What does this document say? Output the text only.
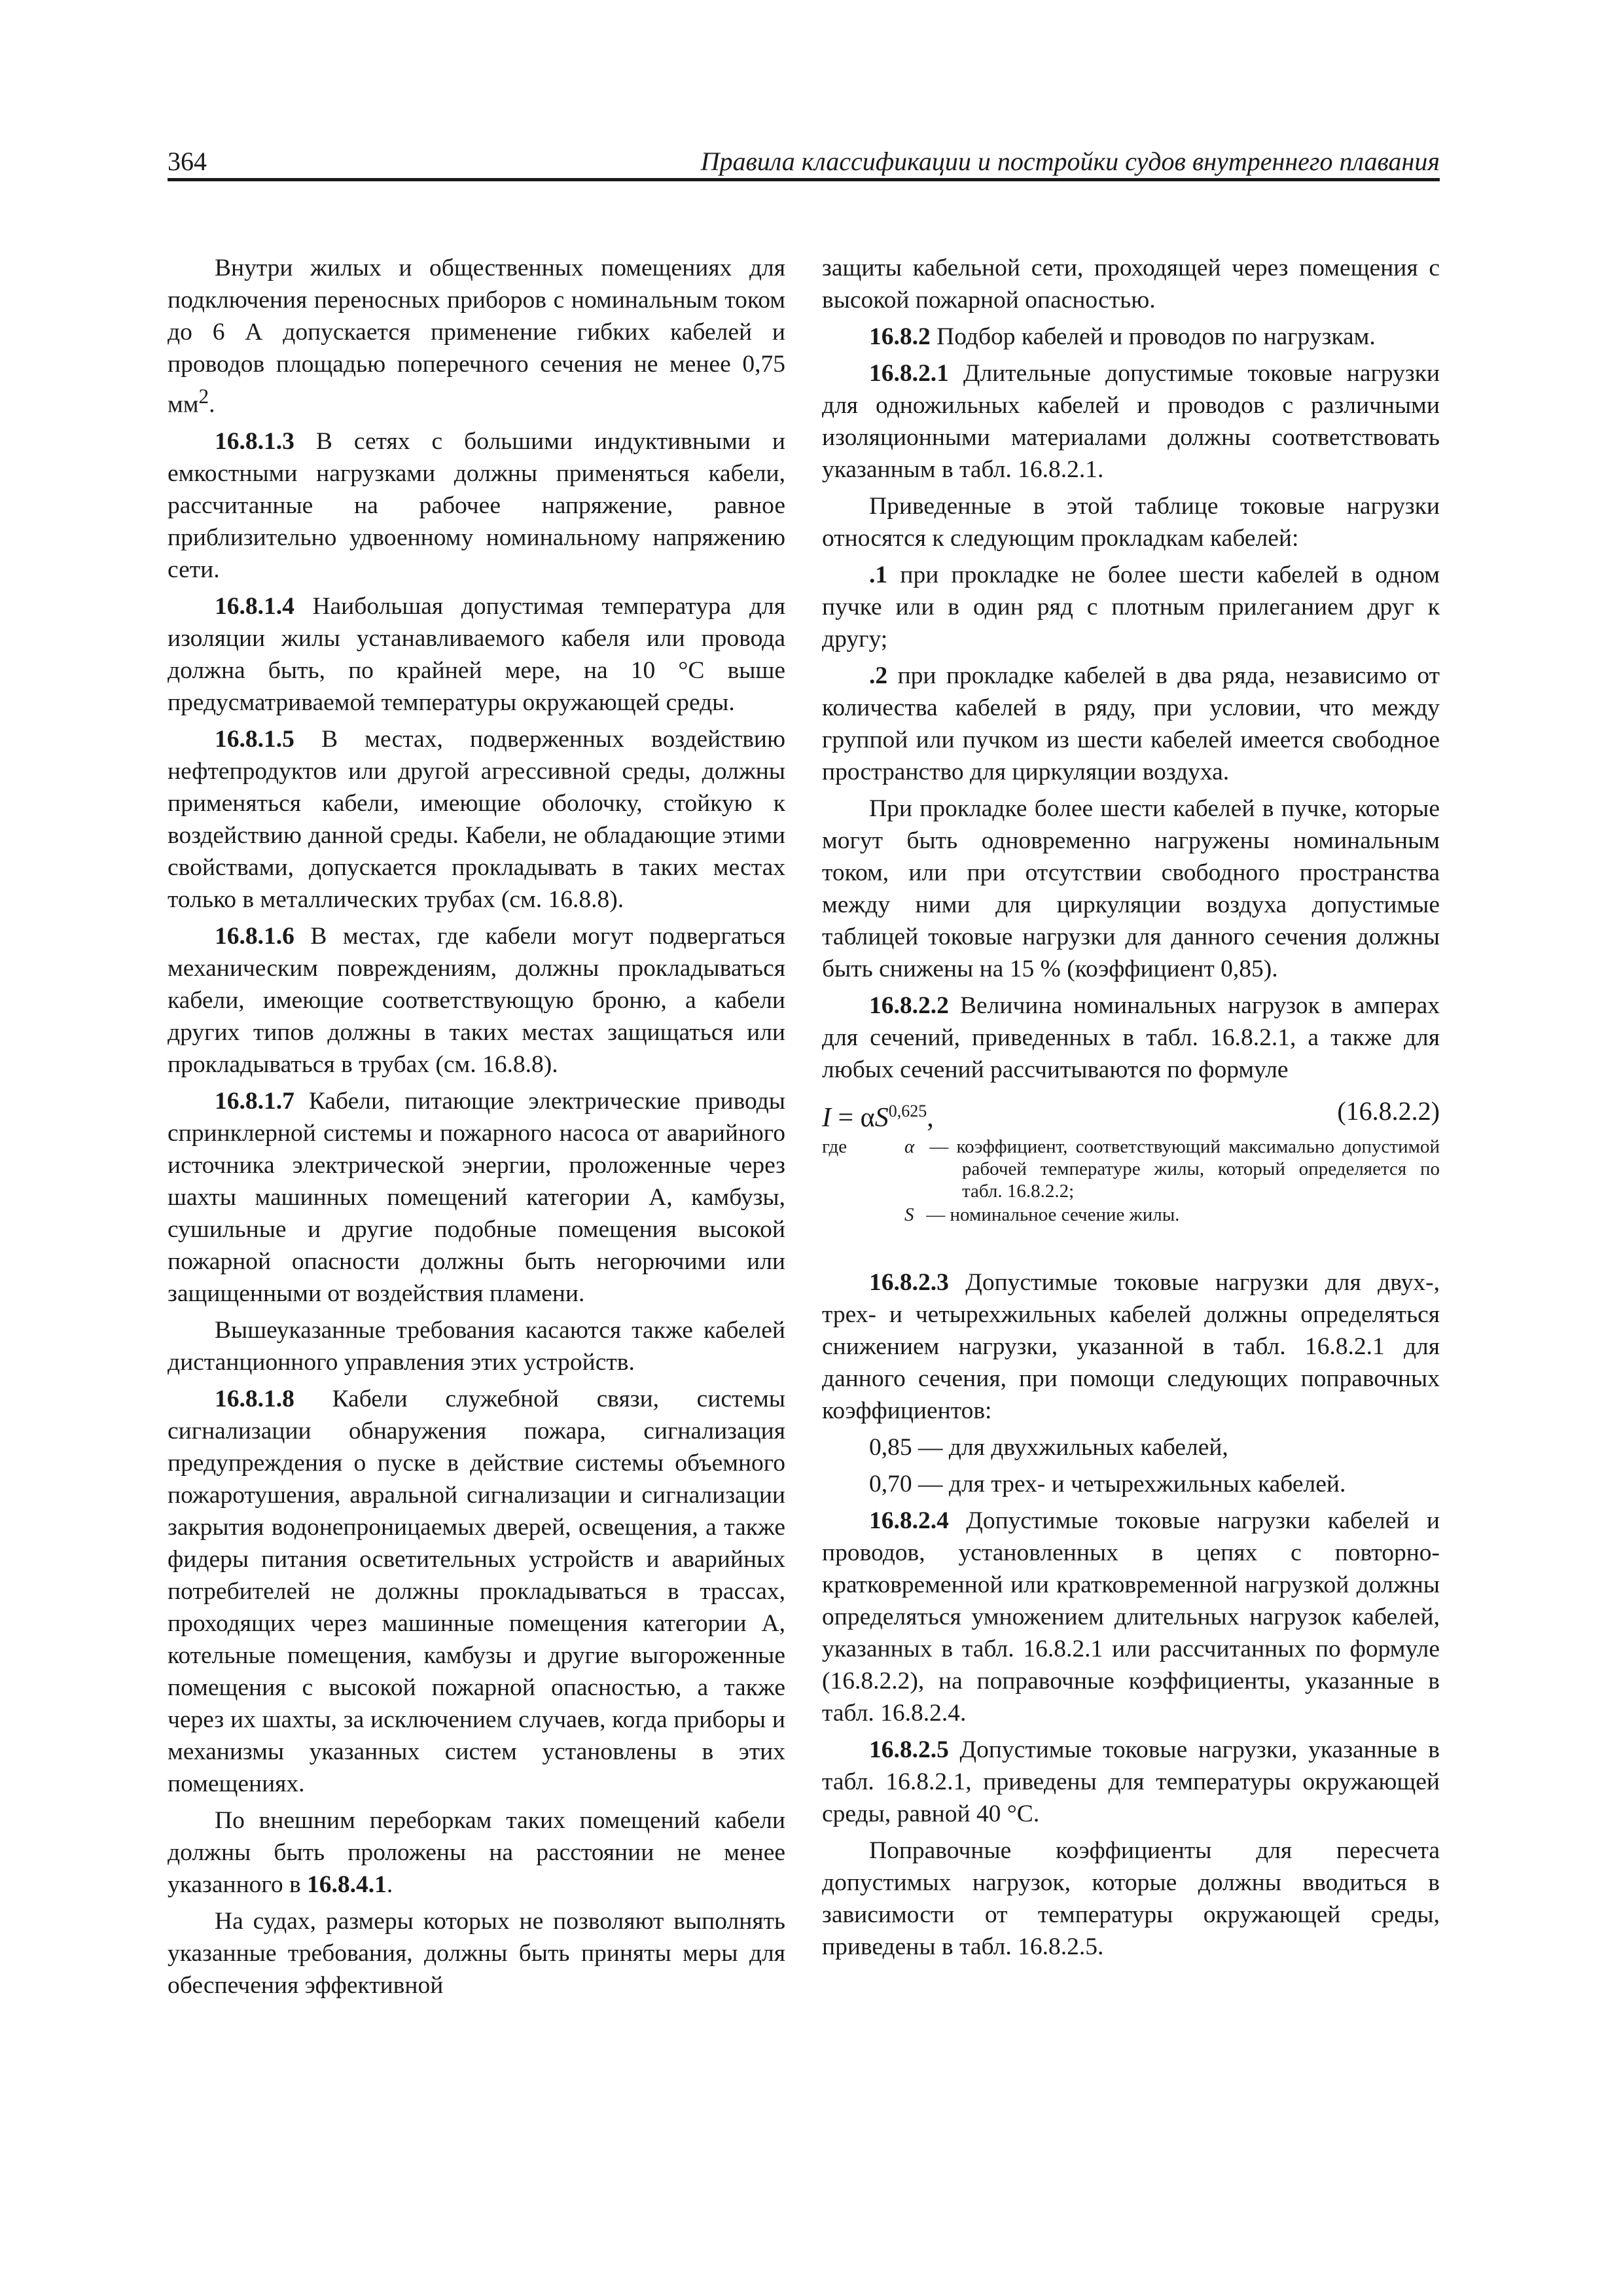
364	Правила классификации и постройки судов внутреннего плавания

Внутри жилых и общественных помещениях для подключения переносных приборов с номинальным током до 6 А допускается применение гибких кабелей и проводов площадью поперечного сечения не менее 0,75 $мм^2$.

16.8.1.3 В сетях с большими индуктивными и емкостными нагрузками должны применяться кабели, рассчитанные на рабочее напряжение, равное приблизительно удвоенному номинальному напряжению сети.

16.8.1.4 Наибольшая допустимая температура для изоляции жилы устанавливаемого кабеля или провода должна быть, по крайней мере, на 10 °С выше предусматриваемой температуры окружающей среды.

16.8.1.5 В местах, подверженных воздействию нефтепродуктов или другой агрессивной среды, должны применяться кабели, имеющие оболочку, стойкую к воздействию данной среды. Кабели, не обладающие этими свойствами, допускается прокладывать в таких местах только в металлических трубах (см. 16.8.8).

16.8.1.6 В местах, где кабели могут подвергаться механическим повреждениям, должны прокладываться кабели, имеющие соответствующую броню, а кабели других типов должны в таких местах защищаться или прокладываться в трубах (см. 16.8.8).

16.8.1.7 Кабели, питающие электрические приводы спринклерной системы и пожарного насоса от аварийного источника электрической энергии, проложенные через шахты машинных помещений категории А, камбузы, сушильные и другие подобные помещения высокой пожарной опасности должны быть негорючими или защищенными от воздействия пламени.

Вышеуказанные требования касаются также кабелей дистанционного управления этих устройств.

16.8.1.8 Кабели служебной связи, системы сигнализации обнаружения пожара, сигнализация предупреждения о пуске в действие системы объемного пожаротушения, авральной сигнализации и сигнализации закрытия водонепроницаемых дверей, освещения, а также фидеры питания осветительных устройств и аварийных потребителей не должны прокладываться в трассах, проходящих через машинные помещения категории А, котельные помещения, камбузы и другие выгороженные помещения с высокой пожарной опасностью, а также через их шахты, за исключением случаев, когда приборы и механизмы указанных систем установлены в этих помещениях.

По внешним переборкам таких помещений кабели должны быть проложены на расстоянии не менее указанного в 16.8.4.1.

На судах, размеры которых не позволяют выполнять указанные требования, должны быть приняты меры для обеспечения эффективной

защиты кабельной сети, проходящей через помещения с высокой пожарной опасностью.

16.8.2 Подбор кабелей и проводов по нагрузкам.

16.8.2.1 Длительные допустимые токовые нагрузки для одножильных кабелей и проводов с различными изоляционными материалами должны соответствовать указанным в табл. 16.8.2.1.

Приведенные в этой таблице токовые нагрузки относятся к следующим прокладкам кабелей:

.1 при прокладке не более шести кабелей в одном пучке или в один ряд с плотным прилеганием друг к другу;

.2 при прокладке кабелей в два ряда, независимо от количества кабелей в ряду, при условии, что между группой или пучком из шести кабелей имеется свободное пространство для циркуляции воздуха.

При прокладке более шести кабелей в пучке, которые могут быть одновременно нагружены номинальным током, или при отсутствии свободного пространства между ними для циркуляции воздуха допустимые таблицей токовые нагрузки для данного сечения должны быть снижены на 15 % (коэффициент 0,85).

16.8.2.2 Величина номинальных нагрузок в амперах для сечений, приведенных в табл. 16.8.2.1, а также для любых сечений рассчитываются по формуле

I = αS$^{0,625}$,	(16.8.2.2)
где	α — коэффициент, соответствующий максимально допустимой рабочей температуре жилы, который определяется по табл. 16.8.2.2;
S — номинальное сечение жилы.

16.8.2.3 Допустимые токовые нагрузки для двух-, трех- и четырехжильных кабелей должны определяться снижением нагрузки, указанной в табл. 16.8.2.1 для данного сечения, при помощи следующих поправочных коэффициентов:

0,85 — для двухжильных кабелей,

0,70 — для трех- и четырехжильных кабелей.

16.8.2.4 Допустимые токовые нагрузки кабелей и проводов, установленных в цепях с повторно-кратковременной или кратковременной нагрузкой должны определяться умножением длительных нагрузок кабелей, указанных в табл. 16.8.2.1 или рассчитанных по формуле (16.8.2.2), на поправочные коэффициенты, указанные в табл. 16.8.2.4.

16.8.2.5 Допустимые токовые нагрузки, указанные в табл. 16.8.2.1, приведены для температуры окружающей среды, равной 40 °С.

Поправочные коэффициенты для пересчета допустимых нагрузок, которые должны вводиться в зависимости от температуры окружающей среды, приведены в табл. 16.8.2.5.
